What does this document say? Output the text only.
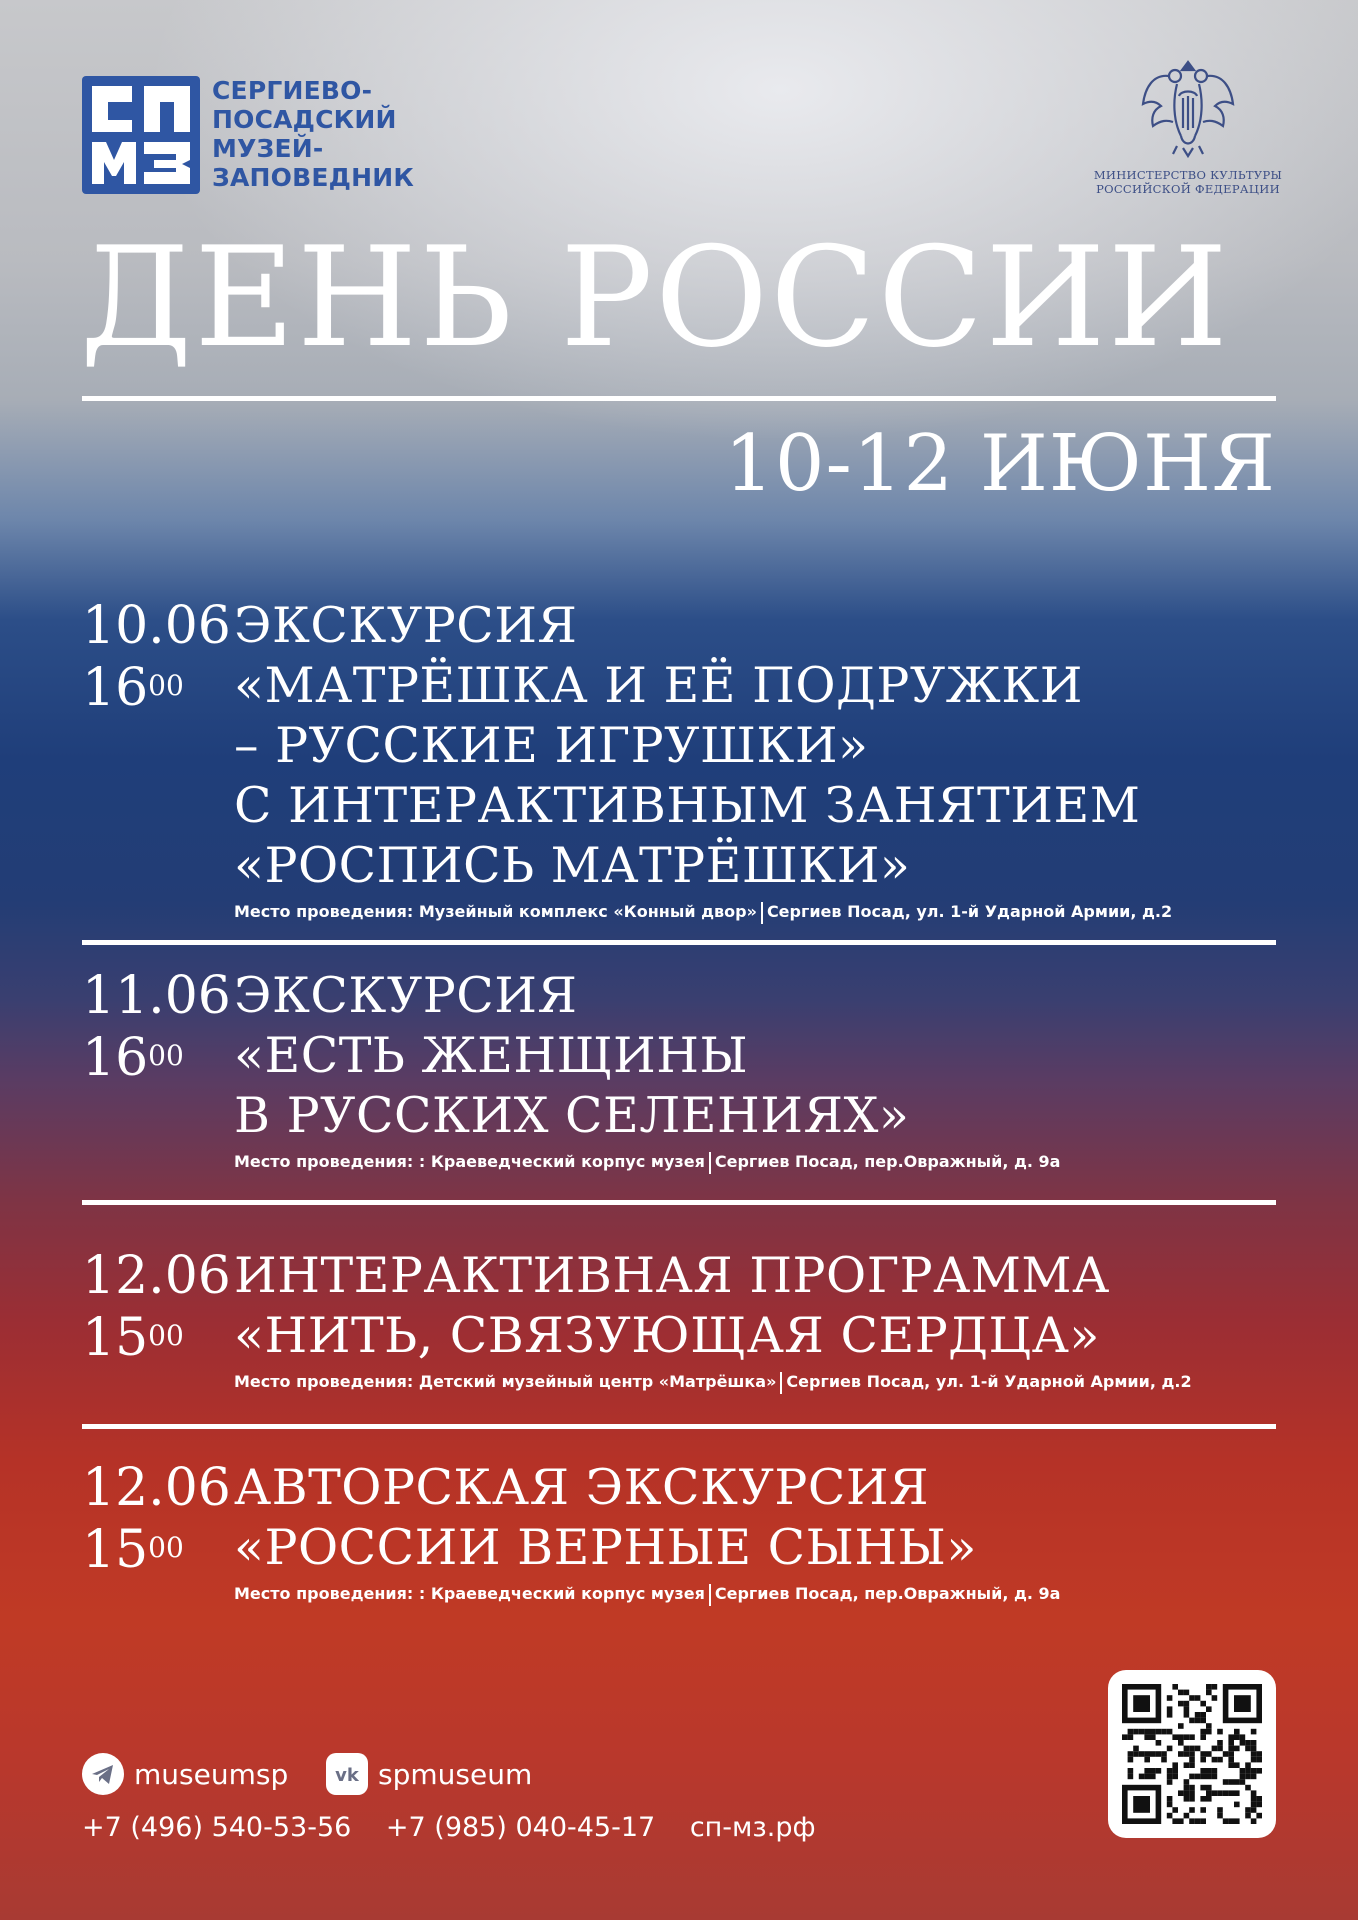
СЕРГИЕВО-
ПОСАДСКИЙ
МУЗЕЙ-
ЗАПОВЕДНИК	МИНИСТЕРСТВО КУЛЬТУРЫ
РОССИЙСКОЙ ФЕДЕРАЦИИ
ДЕНЬ РОССИИ
10-12 ИЮНЯ
10.06
$16^{00}$
ЭКСКУРСИЯ
«МАТРЁШКА И ЕЁ ПОДРУЖКИ
– РУССКИЕ ИГРУШКИ»
С ИНТЕРАКТИВНЫМ ЗАНЯТИЕМ
«РОСПИСЬ МАТРЁШКИ»
Место проведения: Музейный комплекс «Конный двор» Сергиев Посад, ул. 1-й Ударной Армии, д.2
11.06
$16^{00}$
ЭКСКУРСИЯ
«ЕСТЬ ЖЕНЩИНЫ
В РУССКИХ СЕЛЕНИЯХ»
Место проведения: : Краеведческий корпус музея Сергиев Посад, пер.Овражный, д. 9а
12.06
$15^{00}$
ИНТЕРАКТИВНАЯ ПРОГРАММА
«НИТЬ, СВЯЗУЮЩАЯ СЕРДЦА»
Место проведения: Детский музейный центр «Матрёшка» Сергиев Посад, ул. 1-й Ударной Армии, д.2
12.06
$15^{00}$
АВТОРСКАЯ ЭКСКУРСИЯ
«РОССИИ ВЕРНЫЕ СЫНЫ»
Место проведения: : Краеведческий корпус музея Сергиев Посад, пер.Овражный, д. 9а
museumsp	vk spmuseum
+7 (496) 540-53-56 +7 (985) 040-45-17 сп-мз.рф
